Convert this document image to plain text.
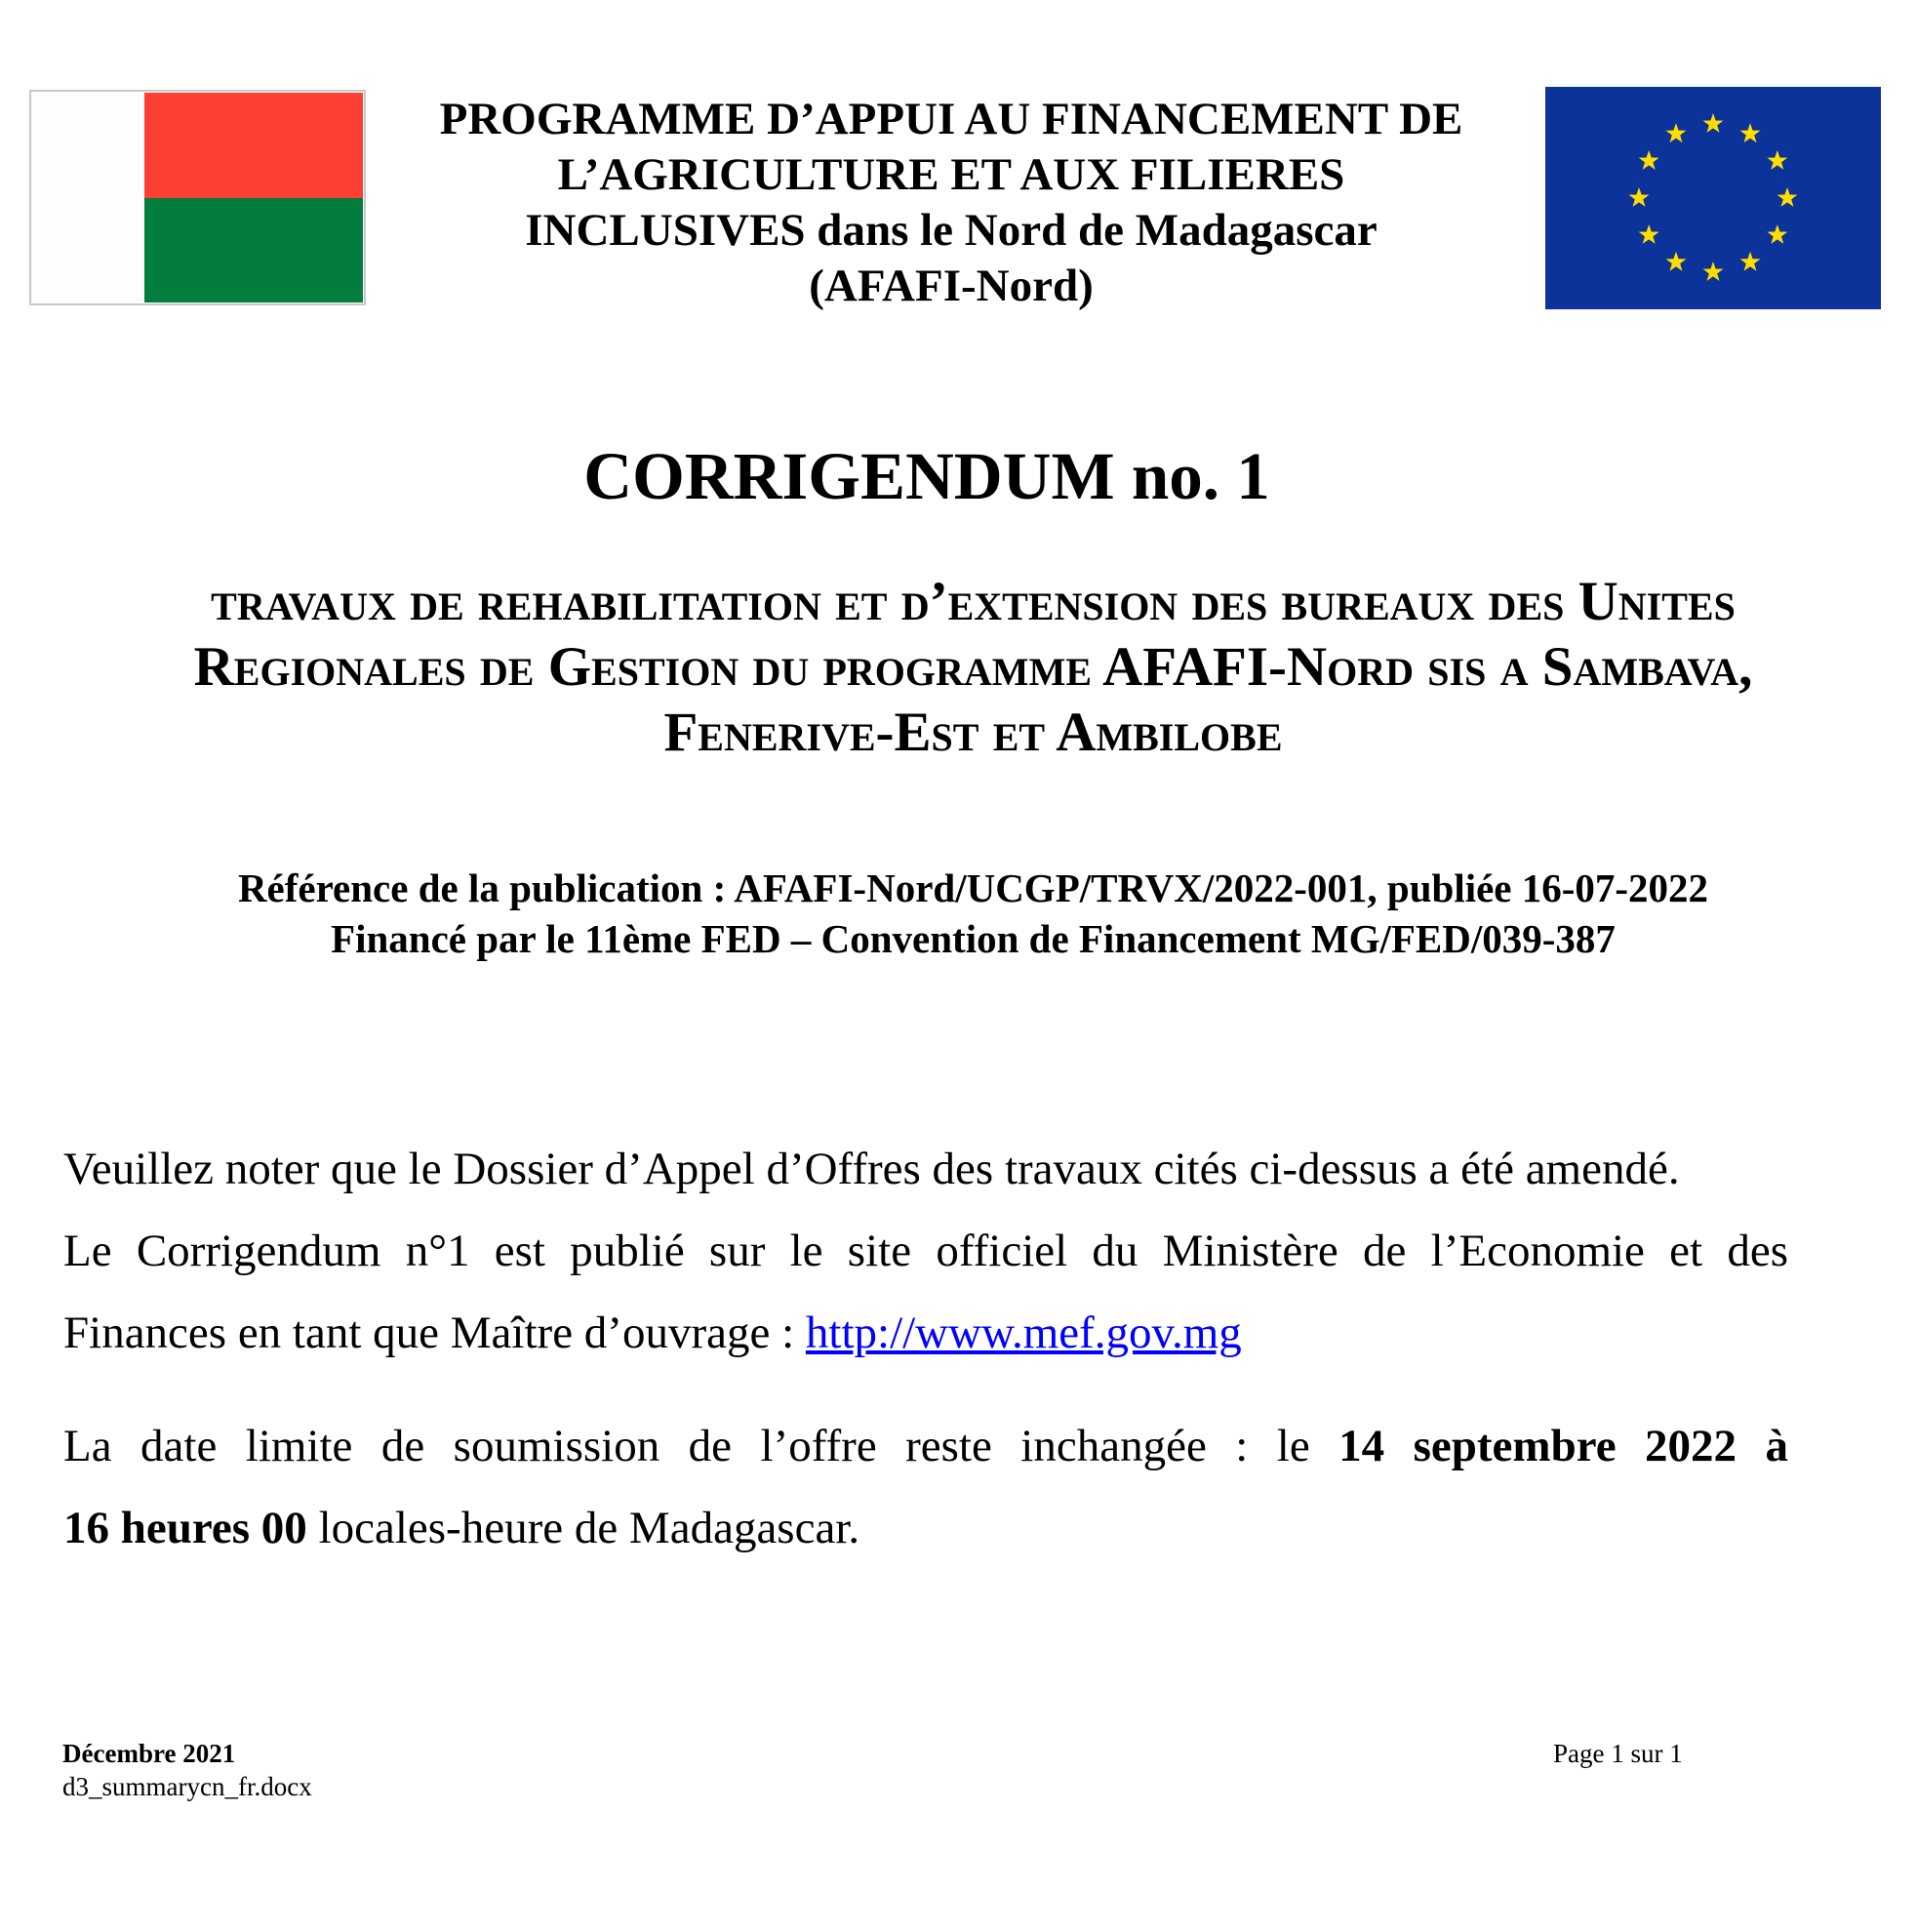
PROGRAMME D’APPUI AU FINANCEMENT DE
L’AGRICULTURE ET AUX FILIERES
INCLUSIVES dans le Nord de Madagascar
(AFAFI-Nord)
CORRIGENDUM no. 1
travaux de rehabilitation et d’extension des bureaux des Unites
Regionales de Gestion du programme AFAFI-Nord sis a Sambava,
Fenerive-Est et Ambilobe
Référence de la publication : AFAFI-Nord/UCGP/TRVX/2022-001, publiée 16-07-2022
Financé par le 11ème FED – Convention de Financement MG/FED/039-387

Veuillez noter que le Dossier d’Appel d’Offres des travaux cités ci-dessus a été amendé.

Le Corrigendum n°1 est publié sur le site officiel du Ministère de l’Economie et des
Finances en tant que Maître d’ouvrage : http://www.mef.gov.mg

La date limite de soumission de l’offre reste inchangée : le 14 septembre 2022 à
16 heures 00 locales-heure de Madagascar.

Décembre 2021
d3_summarycn_fr.docx
Page 1 sur 1
